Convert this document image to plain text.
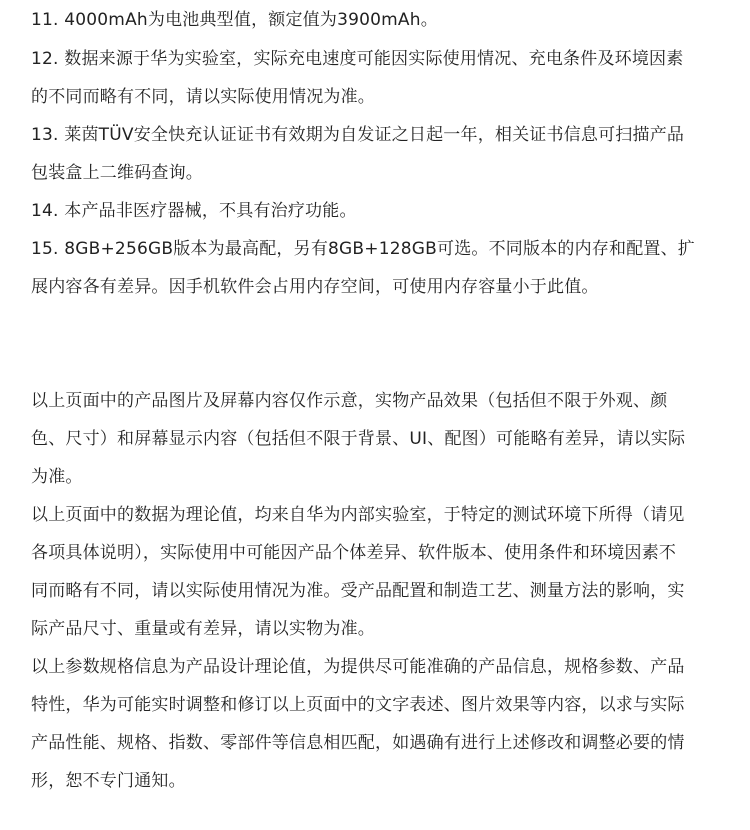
11. 4000mAh为电池典型值，额定值为3900mAh。
12. 数据来源于华为实验室，实际充电速度可能因实际使用情况、充电条件及环境因素
的不同而略有不同，请以实际使用情况为准。
13. 莱茵TÜV安全快充认证证书有效期为自发证之日起一年，相关证书信息可扫描产品
包装盒上二维码查询。
14. 本产品非医疗器械，不具有治疗功能。
15. 8GB+256GB版本为最高配，另有8GB+128GB可选。不同版本的内存和配置、扩
展内容各有差异。因手机软件会占用内存空间，可使用内存容量小于此值。
以上页面中的产品图片及屏幕内容仅作示意，实物产品效果（包括但不限于外观、颜
色、尺寸）和屏幕显示内容（包括但不限于背景、UI、配图）可能略有差异，请以实际
为准。
以上页面中的数据为理论值，均来自华为内部实验室，于特定的测试环境下所得（请见
各项具体说明），实际使用中可能因产品个体差异、软件版本、使用条件和环境因素不
同而略有不同，请以实际使用情况为准。受产品配置和制造工艺、测量方法的影响，实
际产品尺寸、重量或有差异，请以实物为准。
以上参数规格信息为产品设计理论值，为提供尽可能准确的产品信息，规格参数、产品
特性，华为可能实时调整和修订以上页面中的文字表述、图片效果等内容，以求与实际
产品性能、规格、指数、零部件等信息相匹配，如遇确有进行上述修改和调整必要的情
形，恕不专门通知。
